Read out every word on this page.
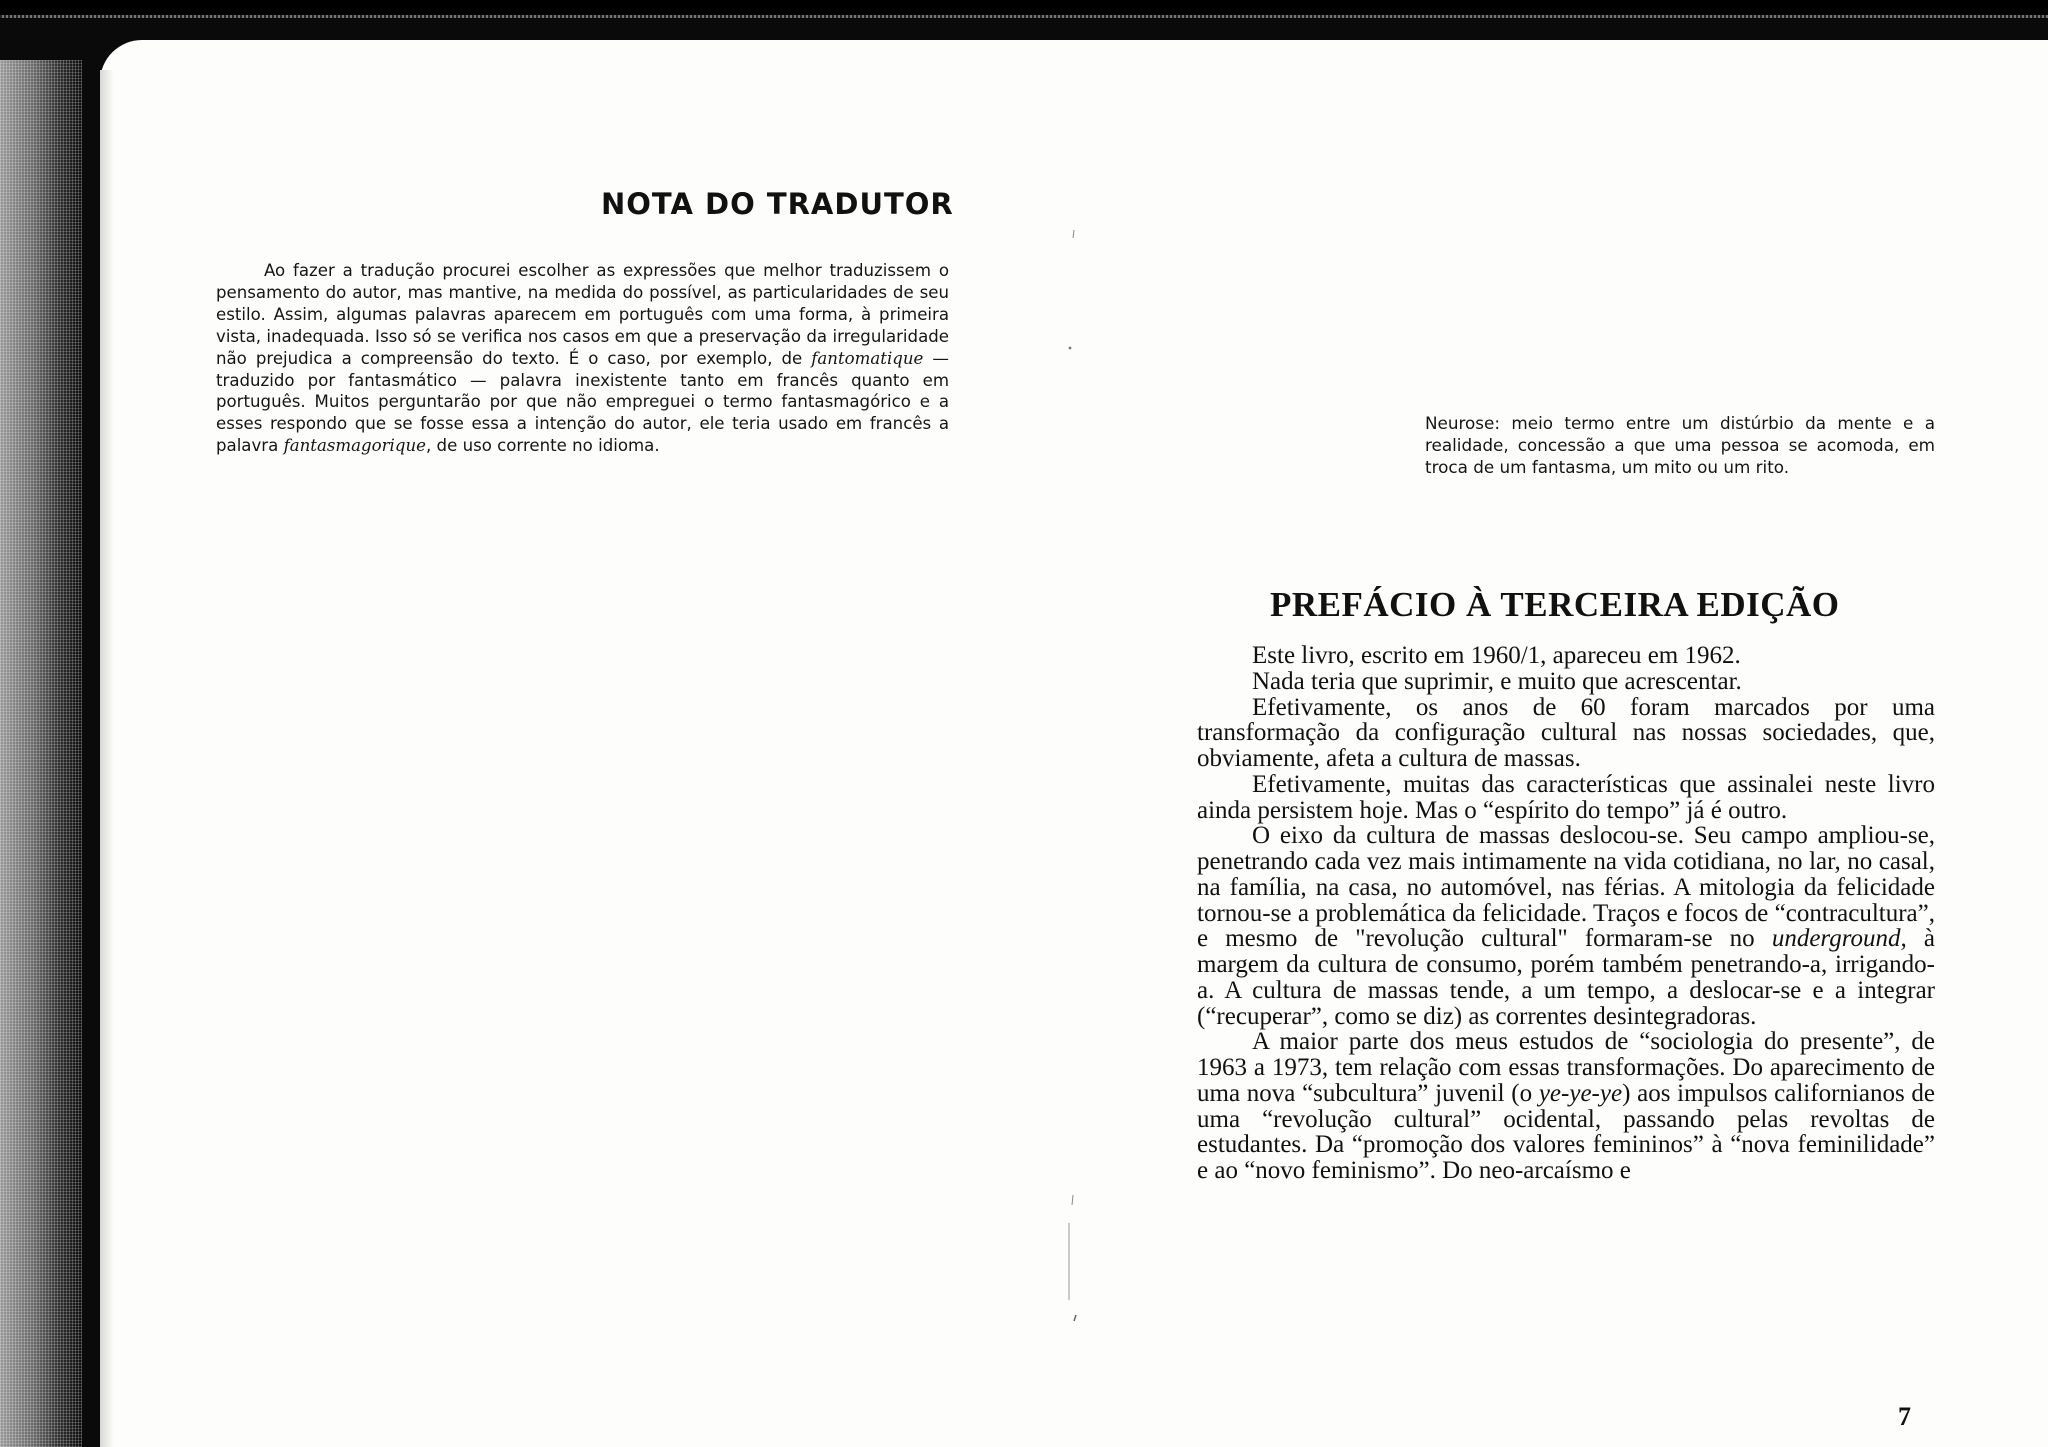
NOTA DO TRADUTOR

Ao fazer a tradução procurei escolher as expressões que melhor traduzissem o pensamento do autor, mas mantive, na medida do possível, as particularidades de seu estilo. Assim, algumas palavras aparecem em português com uma forma, à primeira vista, inadequada. Isso só se verifica nos casos em que a preservação da irregularidade não prejudica a compreensão do texto. É o caso, por exemplo, de fantomatique — traduzido por fantasmático — palavra inexistente tanto em francês quanto em português. Muitos perguntarão por que não empreguei o termo fantasmagórico e a esses respondo que se fosse essa a intenção do autor, ele teria usado em francês a palavra fantasmagorique, de uso corrente no idioma.

Neurose: meio termo entre um distúrbio da mente e a realidade, concessão a que uma pessoa se acomoda, em troca de um fantasma, um mito ou um rito.

PREFÁCIO À TERCEIRA EDIÇÃO

Este livro, escrito em 1960/1, apareceu em 1962.

Nada teria que suprimir, e muito que acrescentar.

Efetivamente, os anos de 60 foram marcados por uma transformação da configuração cultural nas nossas sociedades, que, obviamente, afeta a cultura de massas.

Efetivamente, muitas das características que assinalei neste livro ainda persistem hoje. Mas o “espírito do tempo” já é outro.

O eixo da cultura de massas deslocou-se. Seu campo ampliou-se, penetrando cada vez mais intimamente na vida cotidiana, no lar, no casal, na família, na casa, no automóvel, nas férias. A mitologia da felicidade tornou-se a problemática da felicidade. Traços e focos de “contracultura”, e mesmo de "revolução cultural" formaram-se no underground, à margem da cultura de consumo, porém também penetrando-a, irrigando-a. A cultura de massas tende, a um tempo, a deslocar-se e a integrar (“recuperar”, como se diz) as correntes desintegradoras.

A maior parte dos meus estudos de “sociologia do presente”, de 1963 a 1973, tem relação com essas transformações. Do aparecimento de uma nova “subcultura” juvenil (o ye-ye-ye) aos impulsos californianos de uma “revolução cultural” ocidental, passando pelas revoltas de estudantes. Da “promoção dos valores femininos” à “nova feminilidade” e ao “novo feminismo”. Do neo-arcaísmo e

7
